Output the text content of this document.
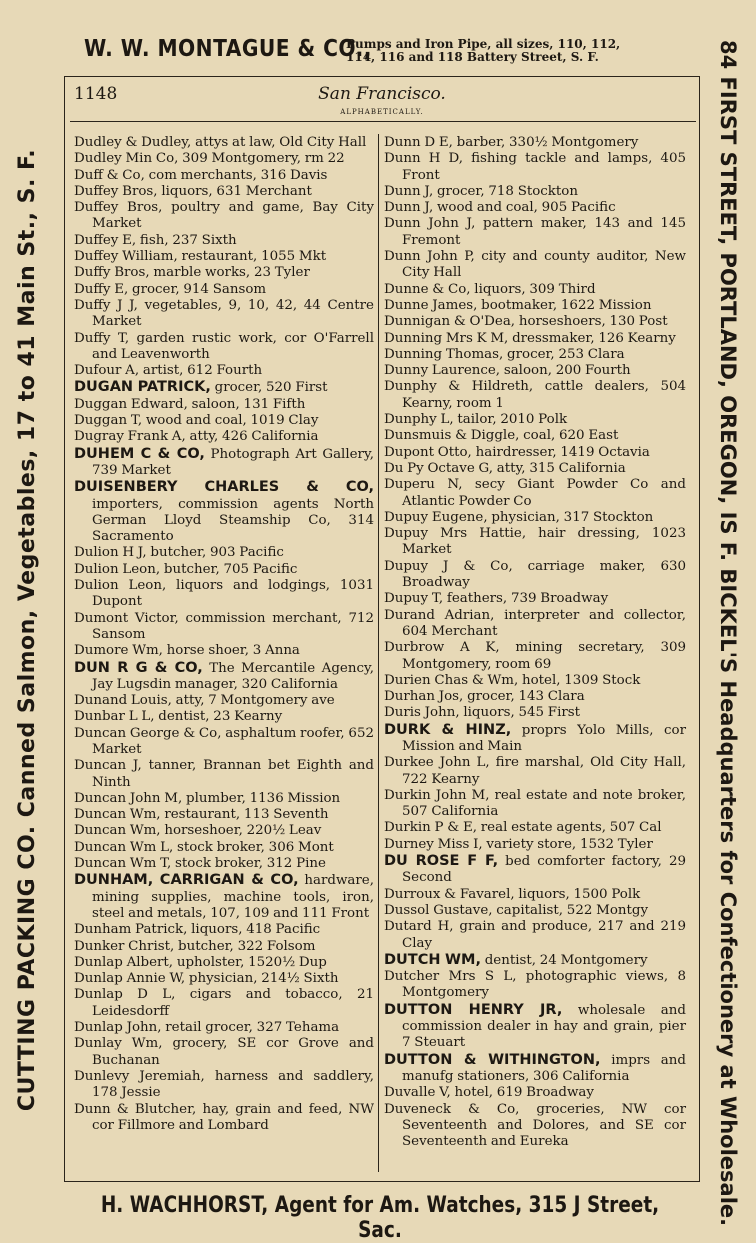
W. W. MONTAGUE & CO.,
Pumps and Iron Pipe, all sizes, 110, 112,
114, 116 and 118 Battery Street, S. F.
CUTTING PACKING CO. Canned Salmon, Vegetables, 17 to 41 Main St., S. F.	84 FIRST STREET, PORTLAND, OREGON, IS F. BICKEL'S Headquarters for Confectionery at Wholesale.
1148	San Francisco.
ALPHABETICALLY.
Dudley & Dudley, attys at law, Old City Hall
Dudley Min Co, 309 Montgomery, rm 22
Duff & Co, com merchants, 316 Davis
Duffey Bros, liquors, 631 Merchant
Duffey Bros, poultry and game, Bay City Market
Duffey E, fish, 237 Sixth
Duffey William, restaurant, 1055 Mkt
Duffy Bros, marble works, 23 Tyler
Duffy E, grocer, 914 Sansom
Duffy J J, vegetables, 9, 10, 42, 44 Centre Market
Duffy T, garden rustic work, cor O'Farrell and Leavenworth
Dufour A, artist, 612 Fourth
DUGAN PATRICK, grocer, 520 First
Duggan Edward, saloon, 131 Fifth
Duggan T, wood and coal, 1019 Clay
Dugray Frank A, atty, 426 California
DUHEM C & CO, Photograph Art Gallery, 739 Market
DUISENBERY CHARLES & CO, importers, commission agents North German Lloyd Steamship Co, 314 Sacramento
Dulion H J, butcher, 903 Pacific
Dulion Leon, butcher, 705 Pacific
Dulion Leon, liquors and lodgings, 1031 Dupont
Dumont Victor, commission merchant, 712 Sansom
Dumore Wm, horse shoer, 3 Anna
DUN R G & CO, The Mercantile Agency, Jay Lugsdin manager, 320 California
Dunand Louis, atty, 7 Montgomery ave
Dunbar L L, dentist, 23 Kearny
Duncan George & Co, asphaltum roofer, 652 Market
Duncan J, tanner, Brannan bet Eighth and Ninth
Duncan John M, plumber, 1136 Mission
Duncan Wm, restaurant, 113 Seventh
Duncan Wm, horseshoer, 220½ Leav
Duncan Wm L, stock broker, 306 Mont
Duncan Wm T, stock broker, 312 Pine
DUNHAM, CARRIGAN & CO, hardware, mining supplies, machine tools, iron, steel and metals, 107, 109 and 111 Front
Dunham Patrick, liquors, 418 Pacific
Dunker Christ, butcher, 322 Folsom
Dunlap Albert, upholster, 1520½ Dup
Dunlap Annie W, physician, 214½ Sixth
Dunlap D L, cigars and tobacco, 21 Leidesdorff
Dunlap John, retail grocer, 327 Tehama
Dunlay Wm, grocery, SE cor Grove and Buchanan
Dunlevy Jeremiah, harness and saddlery, 178 Jessie
Dunn & Blutcher, hay, grain and feed, NW cor Fillmore and Lombard
Dunn D E, barber, 330½ Montgomery
Dunn H D, fishing tackle and lamps, 405 Front
Dunn J, grocer, 718 Stockton
Dunn J, wood and coal, 905 Pacific
Dunn John J, pattern maker, 143 and 145 Fremont
Dunn John P, city and county auditor, New City Hall
Dunne & Co, liquors, 309 Third
Dunne James, bootmaker, 1622 Mission
Dunnigan & O'Dea, horseshoers, 130 Post
Dunning Mrs K M, dressmaker, 126 Kearny
Dunning Thomas, grocer, 253 Clara
Dunny Laurence, saloon, 200 Fourth
Dunphy & Hildreth, cattle dealers, 504 Kearny, room 1
Dunphy L, tailor, 2010 Polk
Dunsmuis & Diggle, coal, 620 East
Dupont Otto, hairdresser, 1419 Octavia
Du Py Octave G, atty, 315 California
Duperu N, secy Giant Powder Co and Atlantic Powder Co
Dupuy Eugene, physician, 317 Stockton
Dupuy Mrs Hattie, hair dressing, 1023 Market
Dupuy J & Co, carriage maker, 630 Broadway
Dupuy T, feathers, 739 Broadway
Durand Adrian, interpreter and collector, 604 Merchant
Durbrow A K, mining secretary, 309 Montgomery, room 69
Durien Chas & Wm, hotel, 1309 Stock
Durhan Jos, grocer, 143 Clara
Duris John, liquors, 545 First
DURK & HINZ, proprs Yolo Mills, cor Mission and Main
Durkee John L, fire marshal, Old City Hall, 722 Kearny
Durkin John M, real estate and note broker, 507 California
Durkin P & E, real estate agents, 507 Cal
Durney Miss I, variety store, 1532 Tyler
DU ROSE F F, bed comforter factory, 29 Second
Durroux & Favarel, liquors, 1500 Polk
Dussol Gustave, capitalist, 522 Montgy
Dutard H, grain and produce, 217 and 219 Clay
DUTCH WM, dentist, 24 Montgomery
Dutcher Mrs S L, photographic views, 8 Montgomery
DUTTON HENRY JR, wholesale and commission dealer in hay and grain, pier 7 Steuart
DUTTON & WITHINGTON, imprs and manufg stationers, 306 California
Duvalle V, hotel, 619 Broadway
Duveneck & Co, groceries, NW cor Seventeenth and Dolores, and SE cor Seventeenth and Eureka
H. WACHHORST, Agent for Am. Watches, 315 J Street, Sac.
